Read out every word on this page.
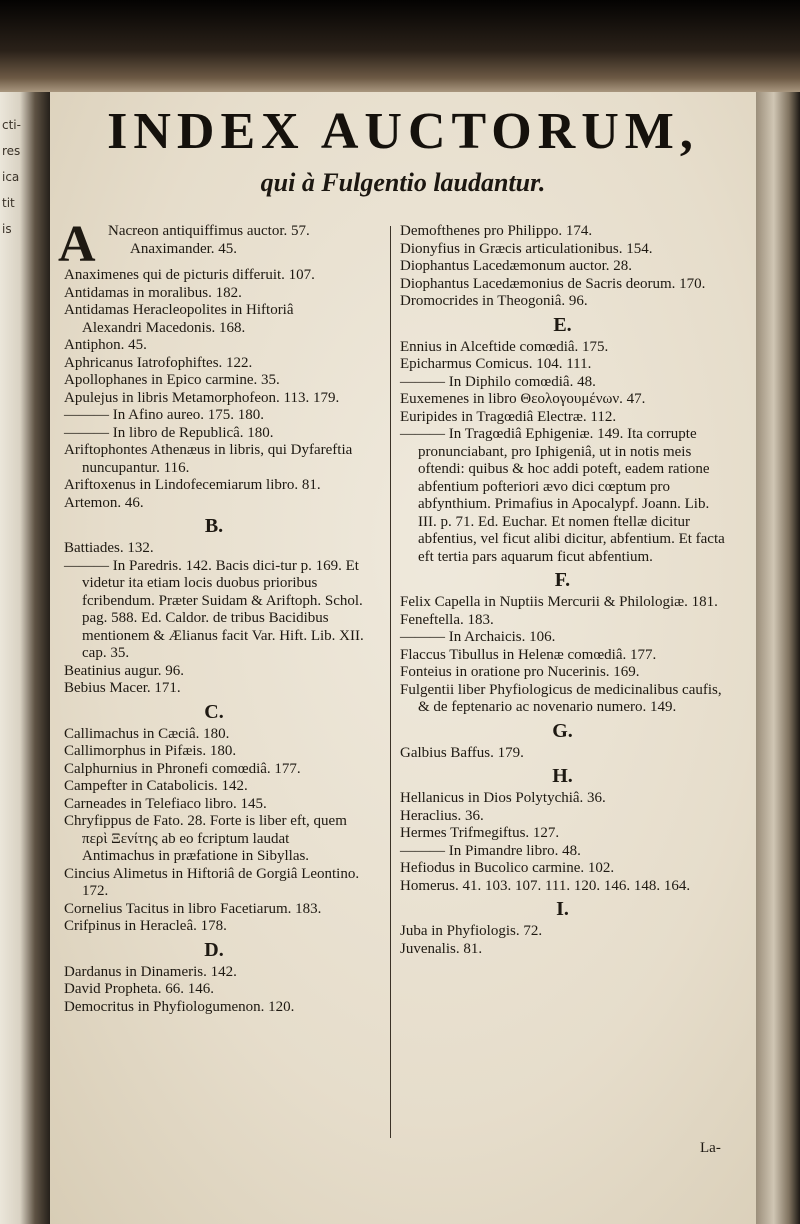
cti-
res
ica
tit
is
INDEX AUCTORUM,
qui à Fulgentio laudantur.
A Nacreon antiquiffimus auctor. 57.
Anaximander. 45.
Anaximenes qui de picturis differuit. 107.
Antidamas in moralibus. 182.
Antidamas Heracleopolites in Hiftoriâ
Alexandri Macedonis. 168.
Antiphon. 45.
Aphricanus Iatrofophiftes. 122.
Apollophanes in Epico carmine. 35.
Apulejus in libris Metamorphofeon. 113. 179.
——— In Afino aureo. 175. 180.
——— In libro de Republicâ. 180.
Ariftophontes Athenæus in libris, qui Dyfareftia nuncupantur. 116.
Ariftoxenus in Lindofecemiarum libro. 81.
Artemon. 46.
B.
Battiades. 132.
——— In Paredris. 142. Bacis dici-tur p. 169. Et videtur ita etiam locis duobus prioribus fcribendum. Præter Suidam & Ariftoph. Schol. pag. 588. Ed. Caldor. de tribus Bacidibus mentionem & Ælianus facit Var. Hift. Lib. XII. cap. 35.
Beatinius augur. 96.
Bebius Macer. 171.
C.
Callimachus in Cæciâ. 180.
Callimorphus in Pifæis. 180.
Calphurnius in Phronefi comœdiâ. 177.
Campefter in Catabolicis. 142.
Carneades in Telefiaco libro. 145.
Chryfippus de Fato. 28. Forte is liber eft, quem περὶ Ξενίτης ab eo fcriptum laudat Antimachus in præfatione in Sibyllas.
Cincius Alimetus in Hiftoriâ de Gorgiâ Leontino. 172.
Cornelius Tacitus in libro Facetiarum. 183.
Crifpinus in Heracleâ. 178.
D.
Dardanus in Dinameris. 142.
David Propheta. 66. 146.
Democritus in Phyfiologumenon. 120.
Demofthenes pro Philippo. 174.
Dionyfius in Græcis articulationibus. 154.
Diophantus Lacedæmonum auctor. 28.
Diophantus Lacedæmonius de Sacris deorum. 170.
Dromocrides in Theogoniâ. 96.
E.
Ennius in Alceftide comœdiâ. 175.
Epicharmus Comicus. 104. 111.
——— In Diphilo comœdiâ. 48.
Euxemenes in libro Θεολογουμένων. 47.
Euripides in Tragœdiâ Electræ. 112.
——— In Tragœdiâ Ephigeniæ. 149. Ita corrupte pronunciabant, pro Iphigeniâ, ut in notis meis oftendi: quibus & hoc addi poteft, eadem ratione abfentium pofteriori ævo dici cœptum pro abfynthium. Primafius in Apocalypf. Joann. Lib. III. p. 71. Ed. Euchar. Et nomen ftellæ dicitur abfentius, vel ficut alibi dicitur, abfentium. Et facta eft tertia pars aquarum ficut abfentium.
F.
Felix Capella in Nuptiis Mercurii & Philologiæ. 181.
Feneftella. 183.
——— In Archaicis. 106.
Flaccus Tibullus in Helenæ comœdiâ. 177.
Fonteius in oratione pro Nucerinis. 169.
Fulgentii liber Phyfiologicus de medicinalibus caufis, & de feptenario ac novenario numero. 149.
G.
Galbius Baffus. 179.
H.
Hellanicus in Dios Polytychiâ. 36.
Heraclius. 36.
Hermes Trifmegiftus. 127.
——— In Pimandre libro. 48.
Hefiodus in Bucolico carmine. 102.
Homerus. 41. 103. 107. 111. 120. 146. 148. 164.
I.
Juba in Phyfiologis. 72.
Juvenalis. 81.
La-
